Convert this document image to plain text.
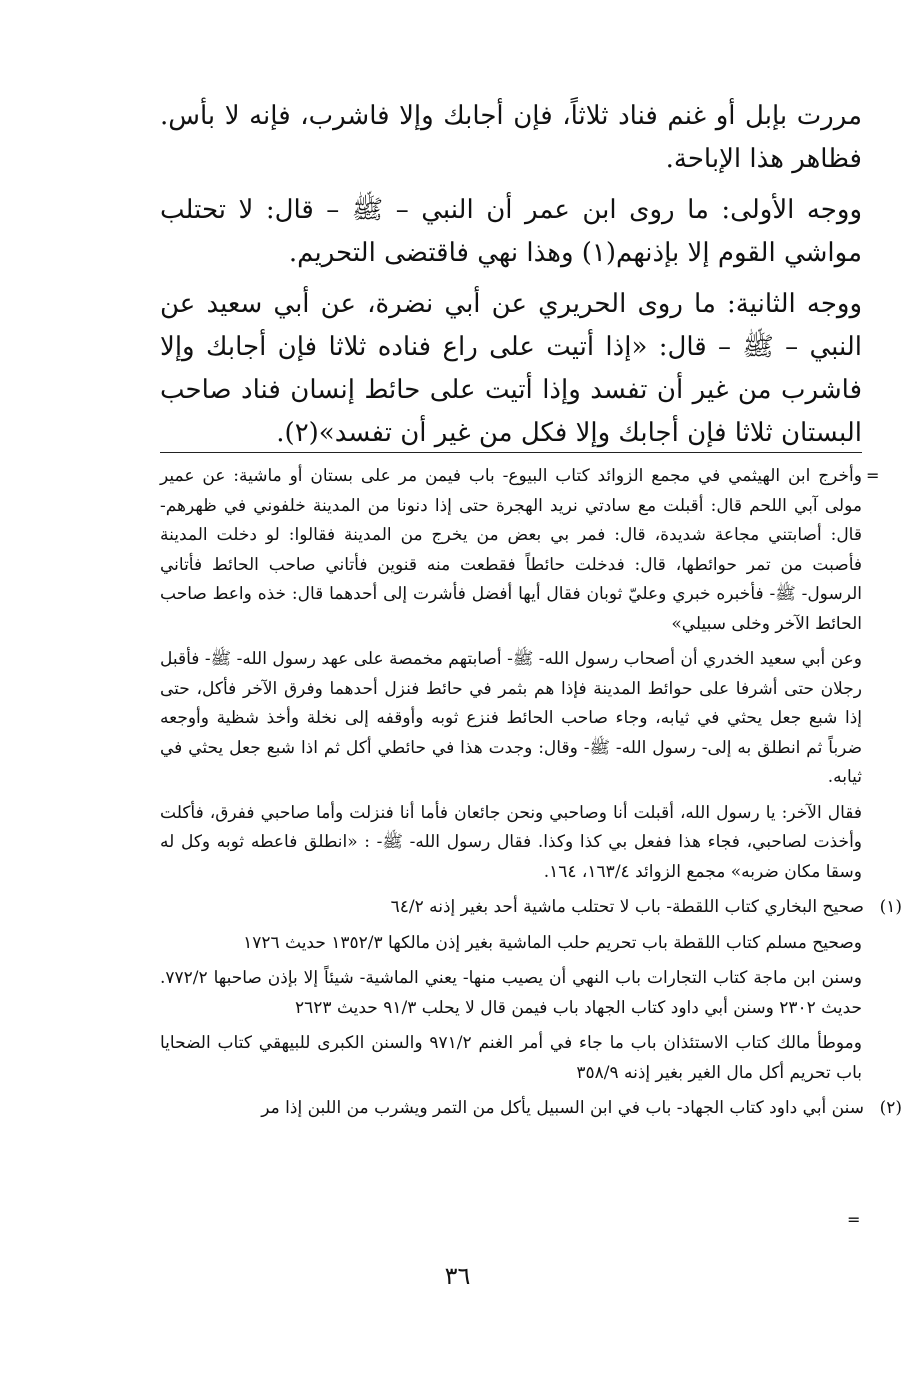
مررت بإبل أو غنم فناد ثلاثاً، فإن أجابك وإلا فاشرب، فإنه لا بأس. فظاهر هذا الإباحة.

ووجه الأولى: ما روى ابن عمر أن النبي – ﷺ – قال: لا تحتلب مواشي القوم إلا بإذنهم(١) وهذا نهي فاقتضى التحريم.

ووجه الثانية: ما روى الحريري عن أبي نضرة، عن أبي سعيد عن النبي – ﷺ – قال: «إذا أتيت على راع فناده ثلاثا فإن أجابك وإلا فاشرب من غير أن تفسد وإذا أتيت على حائط إنسان فناد صاحب البستان ثلاثا فإن أجابك وإلا فكل من غير أن تفسد»(٢).

=
وأخرج ابن الهيثمي في مجمع الزوائد كتاب البيوع- باب فيمن مر على بستان أو ماشية: عن عمير مولى آبي اللحم قال: أقبلت مع سادتي نريد الهجرة حتى إذا دنونا من المدينة خلفوني في ظهرهم- قال: أصابتني مجاعة شديدة، قال: فمر بي بعض من يخرج من المدينة فقالوا: لو دخلت المدينة فأصبت من تمر حوائطها، قال: فدخلت حائطاً فقطعت منه قنوين فأتاني صاحب الحائط فأتاني الرسول- ﷺ- فأخبره خبري وعليّ ثوبان فقال أيها أفضل فأشرت إلى أحدهما قال: خذه واعط صاحب الحائط الآخر وخلى سبيلي»
وعن أبي سعيد الخدري أن أصحاب رسول الله- ﷺ- أصابتهم مخمصة على عهد رسول الله- ﷺ- فأقبل رجلان حتى أشرفا على حوائط المدينة فإذا هم بثمر في حائط فنزل أحدهما وفرق الآخر فأكل، حتى إذا شبع جعل يحثي في ثيابه، وجاء صاحب الحائط فنزع ثوبه وأوقفه إلى نخلة وأخذ شظية وأوجعه ضرباً ثم انطلق به إلى- رسول الله- ﷺ- وقال: وجدت هذا في حائطي أكل ثم اذا شبع جعل يحثي في ثيابه.
فقال الآخر: يا رسول الله، أقبلت أنا وصاحبي ونحن جائعان فأما أنا فنزلت وأما صاحبي ففرق، فأكلت وأخذت لصاحبي، فجاء هذا ففعل بي كذا وكذا. فقال رسول الله- ﷺ- : «انطلق فاعطه ثوبه وكل له وسقا مكان ضربه» مجمع الزوائد ١٦٣/٤، ١٦٤.
(١)
صحيح البخاري كتاب اللقطة- باب لا تحتلب ماشية أحد بغير إذنه ٦٤/٢
وصحيح مسلم كتاب اللقطة باب تحريم حلب الماشية بغير إذن مالكها ١٣٥٢/٣ حديث ١٧٢٦
وسنن ابن ماجة كتاب التجارات باب النهي أن يصيب منها- يعني الماشية- شيئاً إلا بإذن صاحبها ٧٧٢/٢. حديث ٢٣٠٢ وسنن أبي داود كتاب الجهاد باب فيمن قال لا يحلب ٩١/٣ حديث ٢٦٢٣
وموطأ مالك كتاب الاستئذان باب ما جاء في أمر الغنم ٩٧١/٢ والسنن الكبرى للبيهقي كتاب الضحايا باب تحريم أكل مال الغير بغير إذنه ٣٥٨/٩
(٢)
سنن أبي داود كتاب الجهاد- باب في ابن السبيل يأكل من التمر ويشرب من اللبن إذا مر
=
٣٦
